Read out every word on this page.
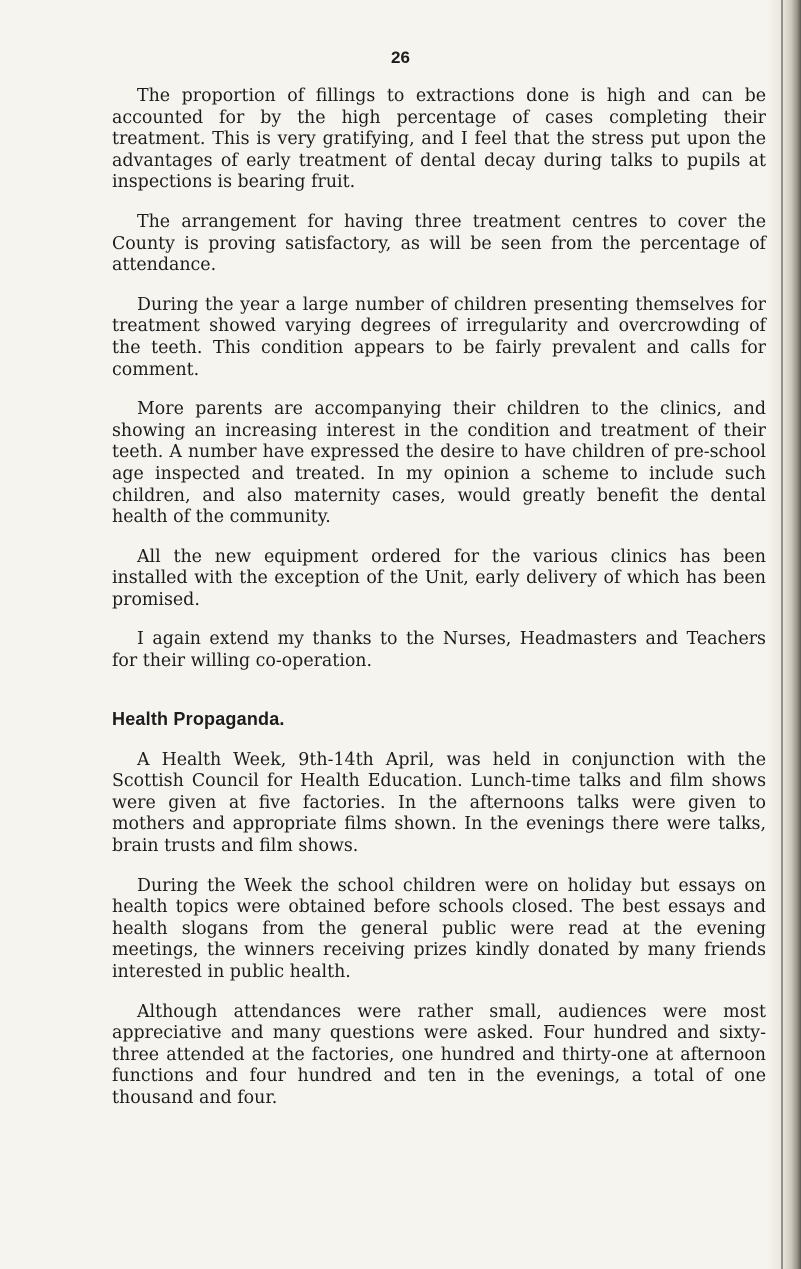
26

The proportion of fillings to extractions done is high and can be accounted for by the high percentage of cases completing their treatment. This is very gratifying, and I feel that the stress put upon the advantages of early treatment of dental decay during talks to pupils at inspections is bearing fruit.

The arrangement for having three treatment centres to cover the County is proving satisfactory, as will be seen from the percentage of attendance.

During the year a large number of children presenting themselves for treatment showed varying degrees of irregularity and overcrowding of the teeth. This condition appears to be fairly prevalent and calls for comment.

More parents are accompanying their children to the clinics, and showing an increasing interest in the condition and treatment of their teeth. A number have expressed the desire to have children of pre-school age inspected and treated. In my opinion a scheme to include such children, and also maternity cases, would greatly benefit the dental health of the community.

All the new equipment ordered for the various clinics has been installed with the exception of the Unit, early delivery of which has been promised.

I again extend my thanks to the Nurses, Headmasters and Teachers for their willing co-operation.

Health Propaganda.

A Health Week, 9th-14th April, was held in conjunction with the Scottish Council for Health Education. Lunch-time talks and film shows were given at five factories. In the afternoons talks were given to mothers and appropriate films shown. In the evenings there were talks, brain trusts and film shows.

During the Week the school children were on holiday but essays on health topics were obtained before schools closed. The best essays and health slogans from the general public were read at the evening meetings, the winners receiving prizes kindly donated by many friends interested in public health.

Although attendances were rather small, audiences were most appreciative and many questions were asked. Four hundred and sixty-three attended at the factories, one hundred and thirty-one at afternoon functions and four hundred and ten in the evenings, a total of one thousand and four.
